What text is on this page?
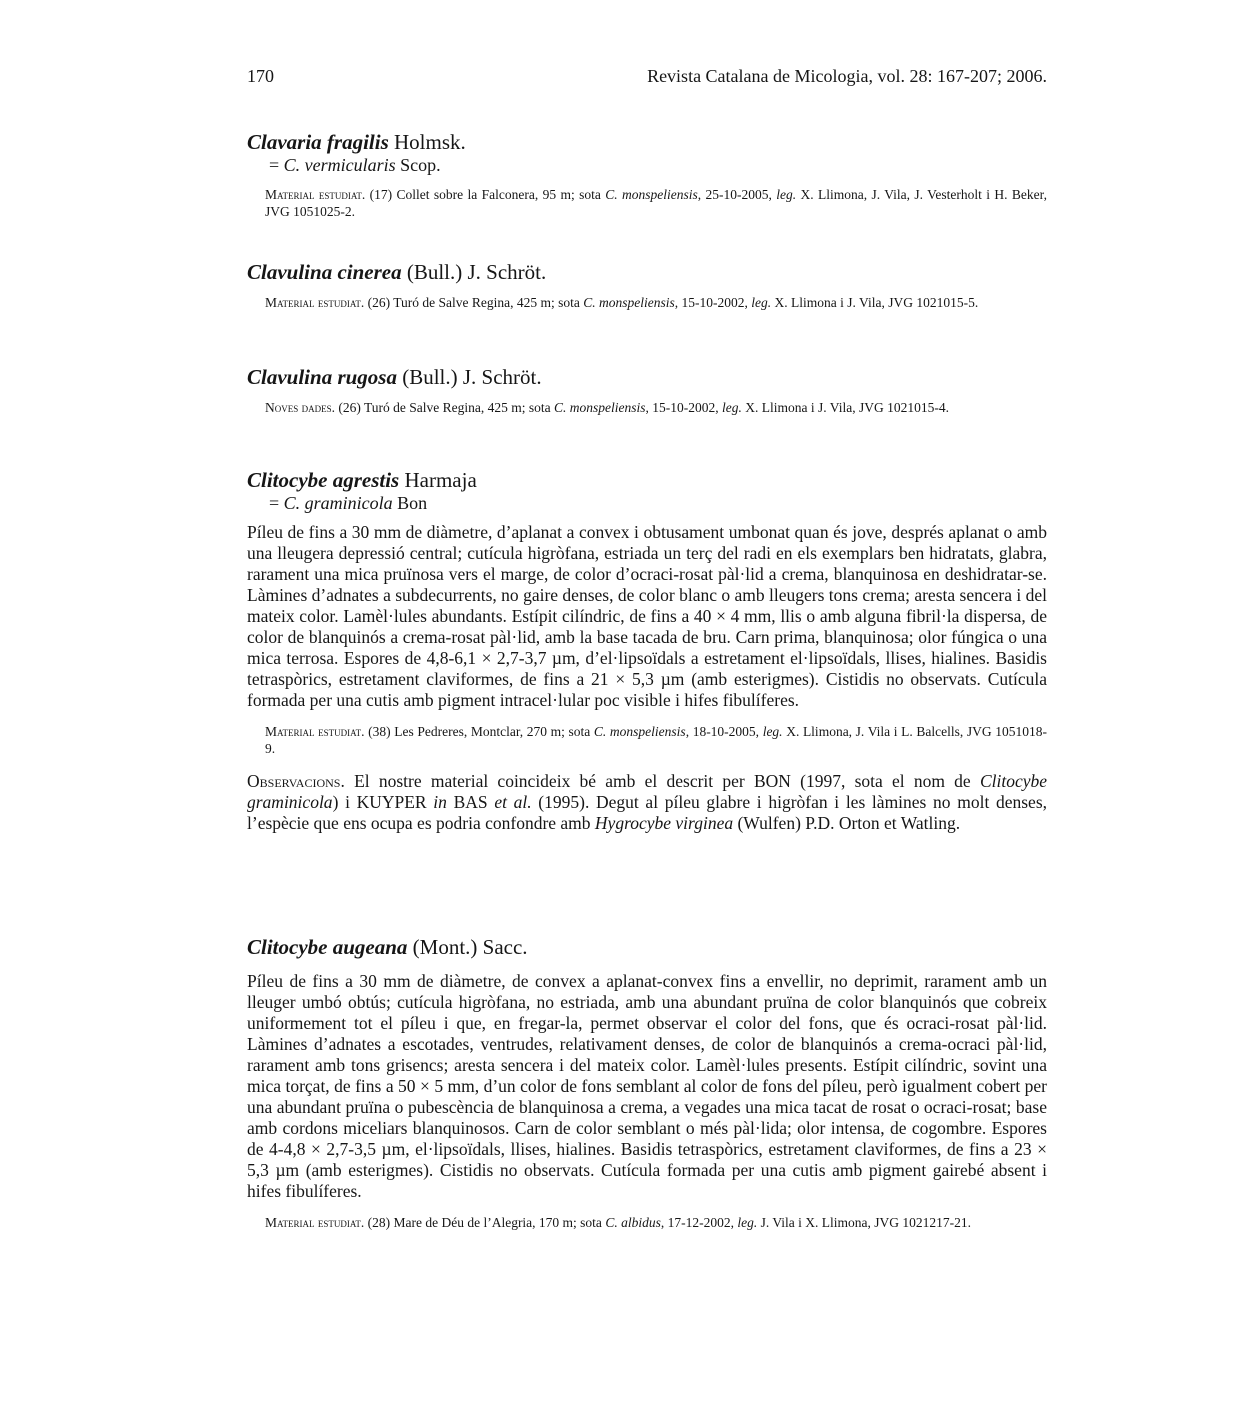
170	Revista Catalana de Micologia, vol. 28: 167-207; 2006.

Clavaria fragilis Holmsk.

= C. vermicularis Scop.

Material estudiat. (17) Collet sobre la Falconera, 95 m; sota C. monspeliensis, 25-10-2005, leg. X. Llimona, J. Vila, J. Vesterholt i H. Beker, JVG 1051025-2.

Clavulina cinerea (Bull.) J. Schröt.

Material estudiat. (26) Turó de Salve Regina, 425 m; sota C. monspeliensis, 15-10-2002, leg. X. Llimona i J. Vila, JVG 1021015-5.

Clavulina rugosa (Bull.) J. Schröt.

Noves dades. (26) Turó de Salve Regina, 425 m; sota C. monspeliensis, 15-10-2002, leg. X. Llimona i J. Vila, JVG 1021015-4.

Clitocybe agrestis Harmaja

= C. graminicola Bon

Píleu de fins a 30 mm de diàmetre, d’aplanat a convex i obtusament umbonat quan és jove, després aplanat o amb una lleugera depressió central; cutícula higròfana, estriada un terç del radi en els exemplars ben hidratats, glabra, rarament una mica pruïnosa vers el marge, de color d’ocraci-rosat pàl·lid a crema, blanquinosa en deshidratar-se. Làmines d’adnates a subdecurrents, no gaire denses, de color blanc o amb lleugers tons crema; aresta sencera i del mateix color. Lamèl·lules abundants. Estípit cilíndric, de fins a 40 × 4 mm, llis o amb alguna fibril·la dispersa, de color de blanquinós a crema-rosat pàl·lid, amb la base tacada de bru. Carn prima, blanquinosa; olor fúngica o una mica terrosa. Espores de 4,8-6,1 × 2,7-3,7 µm, d’el·lipsoïdals a estretament el·lipsoïdals, llises, hialines. Basidis tetraspòrics, estretament claviformes, de fins a 21 × 5,3 µm (amb esterigmes). Cistidis no observats. Cutícula formada per una cutis amb pigment intracel·lular poc visible i hifes fibulíferes.

Material estudiat. (38) Les Pedreres, Montclar, 270 m; sota C. monspeliensis, 18-10-2005, leg. X. Llimona, J. Vila i L. Balcells, JVG 1051018-9.

Observacions. El nostre material coincideix bé amb el descrit per BON (1997, sota el nom de Clitocybe graminicola) i KUYPER in BAS et al. (1995). Degut al píleu glabre i higròfan i les làmines no molt denses, l’espècie que ens ocupa es podria confondre amb Hygrocybe virginea (Wulfen) P.D. Orton et Watling.

Clitocybe augeana (Mont.) Sacc.

Píleu de fins a 30 mm de diàmetre, de convex a aplanat-convex fins a envellir, no deprimit, rarament amb un lleuger umbó obtús; cutícula higròfana, no estriada, amb una abundant pruïna de color blanquinós que cobreix uniformement tot el píleu i que, en fregar-la, permet observar el color del fons, que és ocraci-rosat pàl·lid. Làmines d’adnates a escotades, ventrudes, relativament denses, de color de blanquinós a crema-ocraci pàl·lid, rarament amb tons grisencs; aresta sencera i del mateix color. Lamèl·lules presents. Estípit cilíndric, sovint una mica torçat, de fins a 50 × 5 mm, d’un color de fons semblant al color de fons del píleu, però igualment cobert per una abundant pruïna o pubescència de blanquinosa a crema, a vegades una mica tacat de rosat o ocraci-rosat; base amb cordons miceliars blanquinosos. Carn de color semblant o més pàl·lida; olor intensa, de cogombre. Espores de 4-4,8 × 2,7-3,5 µm, el·lipsoïdals, llises, hialines. Basidis tetraspòrics, estretament claviformes, de fins a 23 × 5,3 µm (amb esterigmes). Cistidis no observats. Cutícula formada per una cutis amb pigment gairebé absent i hifes fibulíferes.

Material estudiat. (28) Mare de Déu de l’Alegria, 170 m; sota C. albidus, 17-12-2002, leg. J. Vila i X. Llimona, JVG 1021217-21.
